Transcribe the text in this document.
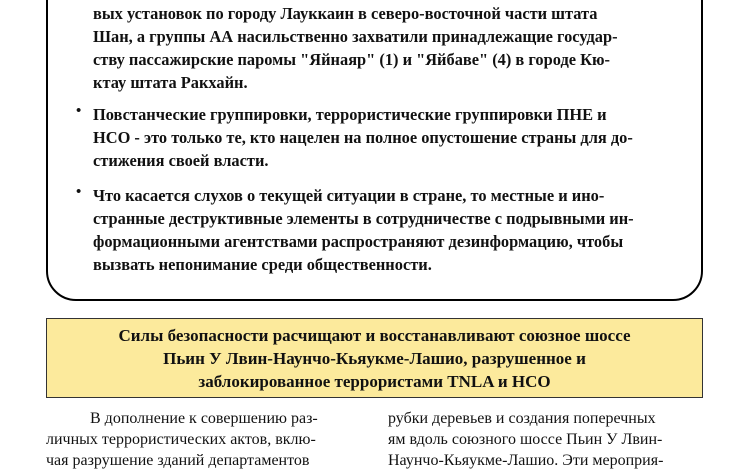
вых установок по городу Лауккаин в северо-восточной части штата
Шан, а группы АА насильственно захватили принадлежащие государ-
ству пассажирские паромы "Яйнаяр" (1) и "Яйбаве" (4) в городе Кю-
ктау штата Ракхайн.
• Повстанческие группировки, террористические группировки ПНЕ и
НСО - это только те, кто нацелен на полное опустошение страны для до-
стижения своей власти.
• Что касается слухов о текущей ситуации в стране, то местные и ино-
странные деструктивные элементы в сотрудничестве с подрывными ин-
формационными агентствами распространяют дезинформацию, чтобы
вызвать непонимание среди общественности.
Силы безопасности расчищают и восстанавливают союзное шоссе
Пьин У Лвин-Наунчо-Кьяукме-Лашио, разрушенное и
заблокированное террористами TNLA и НСО
В дополнение к совершению раз-
личных террористических актов, вклю-
чая разрушение зданий департаментов
рубки деревьев и создания поперечных
ям вдоль союзного шоссе Пьин У Лвин-
Наунчо-Кьяукме-Лашио. Эти мероприя-
